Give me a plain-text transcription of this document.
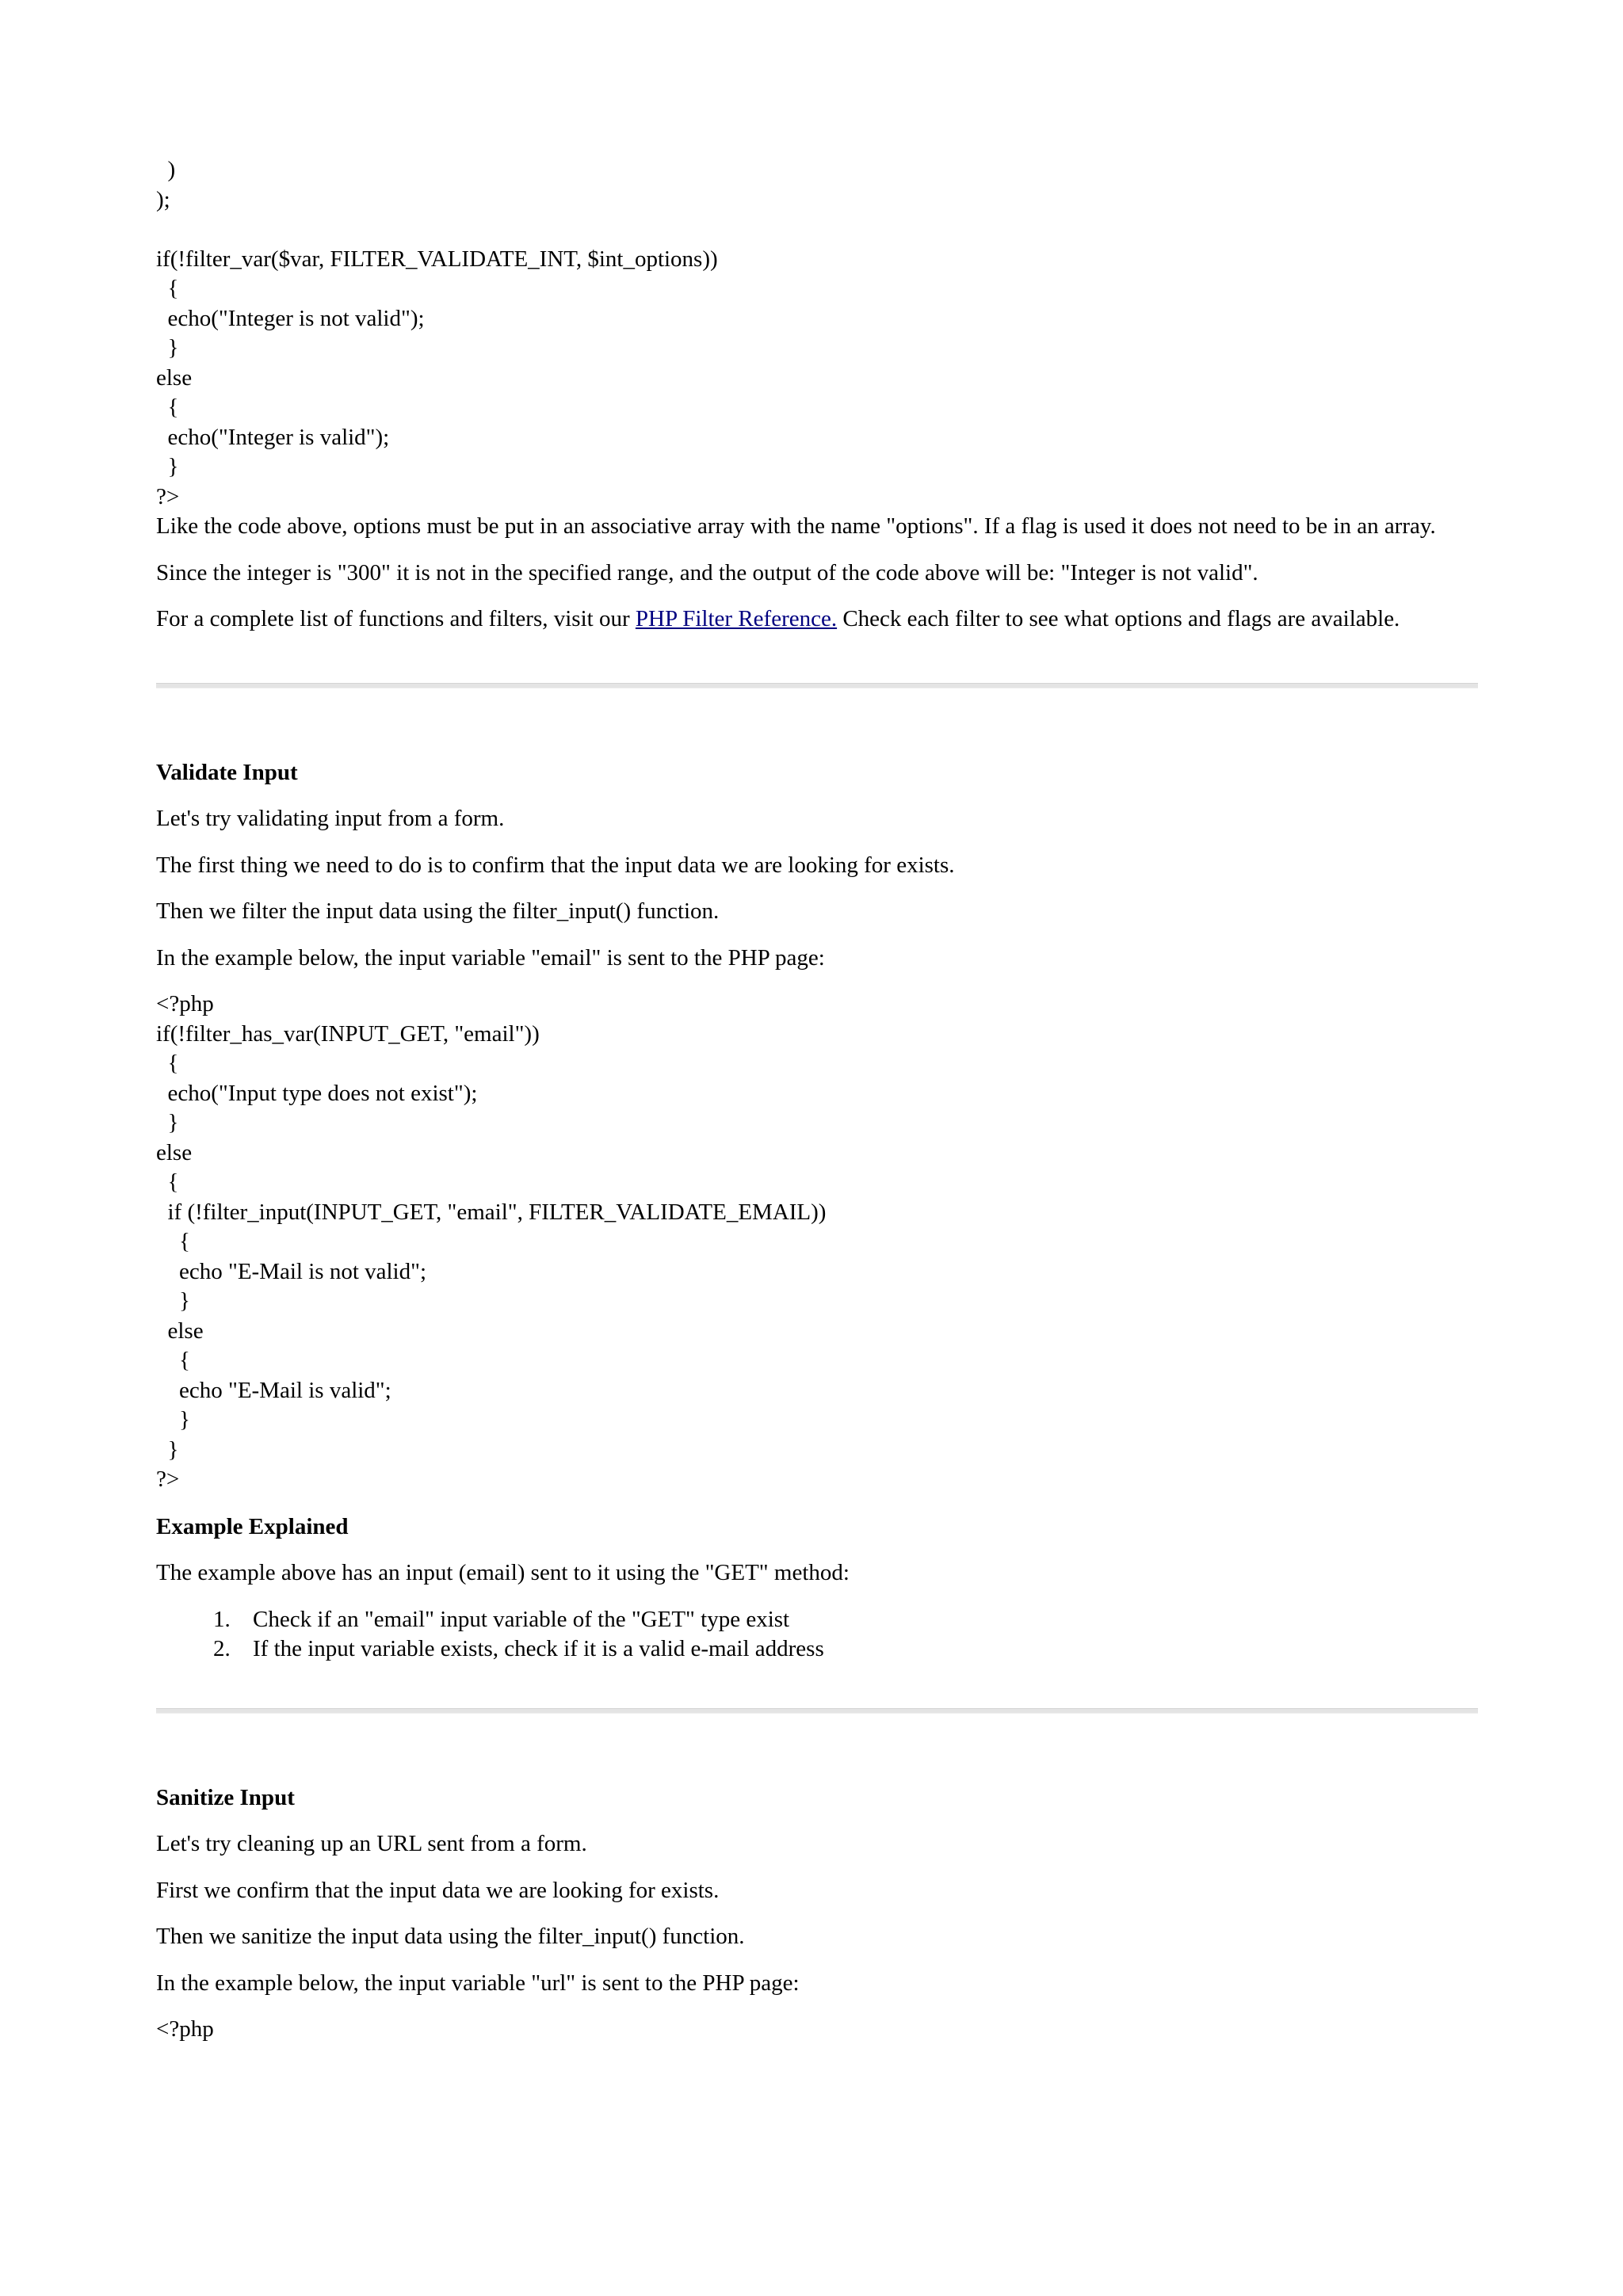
)
);
if(!filter_var($var, FILTER_VALIDATE_INT, $int_options))
{
echo("Integer is not valid");
}
else
{
echo("Integer is valid");
}
?>

Like the code above, options must be put in an associative array with the name "options". If a flag is used it does not need to be in an array.

Since the integer is "300" it is not in the specified range, and the output of the code above will be: "Integer is not valid".

For a complete list of functions and filters, visit our PHP Filter Reference. Check each filter to see what options and flags are available.

Validate Input

Let's try validating input from a form.

The first thing we need to do is to confirm that the input data we are looking for exists.

Then we filter the input data using the filter_input() function.

In the example below, the input variable "email" is sent to the PHP page:

<?php
if(!filter_has_var(INPUT_GET, "email"))
{
echo("Input type does not exist");
}
else
{
if (!filter_input(INPUT_GET, "email", FILTER_VALIDATE_EMAIL))
{
echo "E-Mail is not valid";
}
else
{
echo "E-Mail is valid";
}
}
?>

Example Explained

The example above has an input (email) sent to it using the "GET" method:

1. Check if an "email" input variable of the "GET" type exist
2. If the input variable exists, check if it is a valid e-mail address

Sanitize Input

Let's try cleaning up an URL sent from a form.

First we confirm that the input data we are looking for exists.

Then we sanitize the input data using the filter_input() function.

In the example below, the input variable "url" is sent to the PHP page:

<?php
